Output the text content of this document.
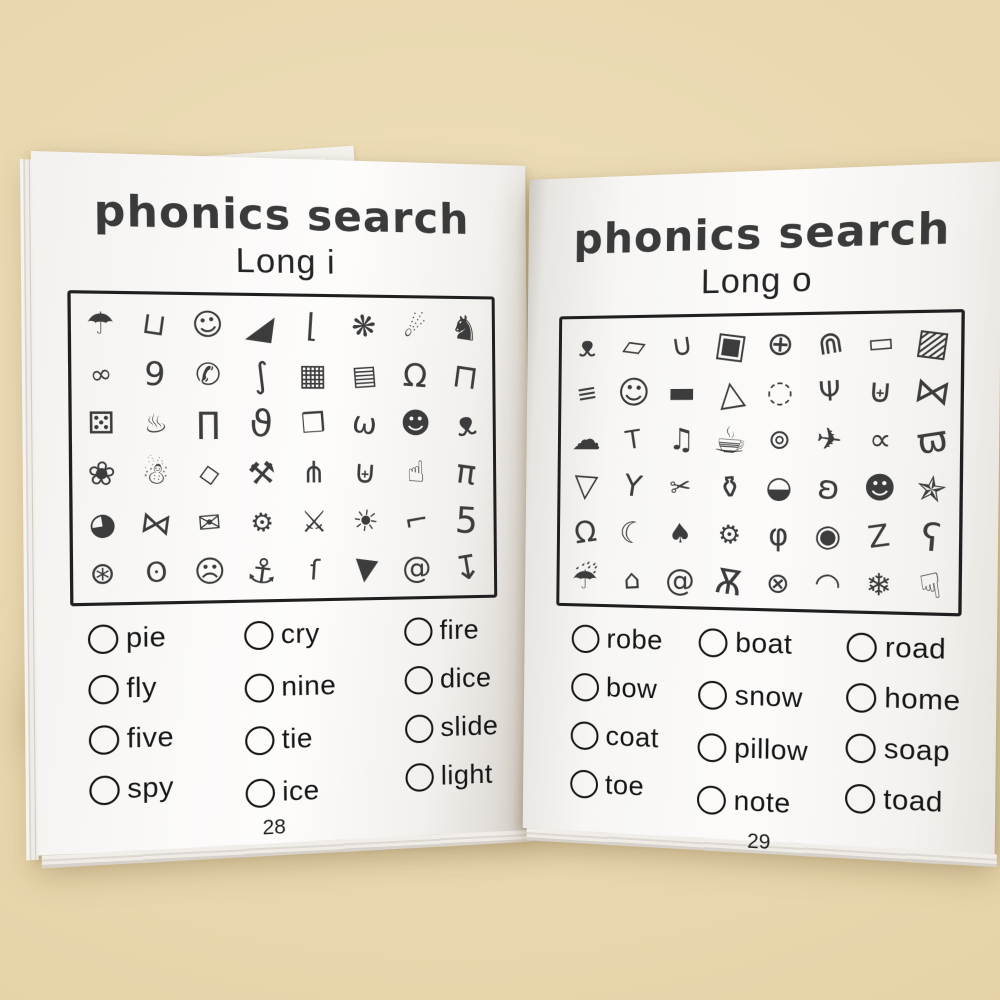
phonics search
Long i
☂ ⊔ ☺ ◢ ⌊ ❋ ☄ ♞
∞ 9 ✆ ∫ ▦ ▤ Ω ⊓
⚄	♨ ∏ ϑ ❒ ω ☻ ᴥ
❀ ☃ ◇ ⚒ ⋔ ⊎ ☝ π
◕ ⋈ ✉	⚙ ⚔ ☀ ⌐ 5
⊛ ʘ ☹ ⚓	ſ	▼ @ ↧
pie
fly
five
spy
cry
nine
tie
ice
fire
dice
slide
light
28
phonics search
Long o
ᴥ ▱ ∪ ▣ ⊕ ⋒ ▭ ▨
≡ ☺ ▬ △ ◌ Ψ ⊎ ⋈
☁ T ♫ ☕ ⊚ ✈ ∝ ϖ
▽ Y ✂ ⚱ ◒ ʚ ☻ ✯
Ω ☾ ♠ ⚙ φ ◉ Z ʕ
☔ ⌂ @ Ѫ ⊗ ◠ ❄ ☟
robe
bow
coat
toe
boat
snow
pillow
note
road
home
soap
toad
29
